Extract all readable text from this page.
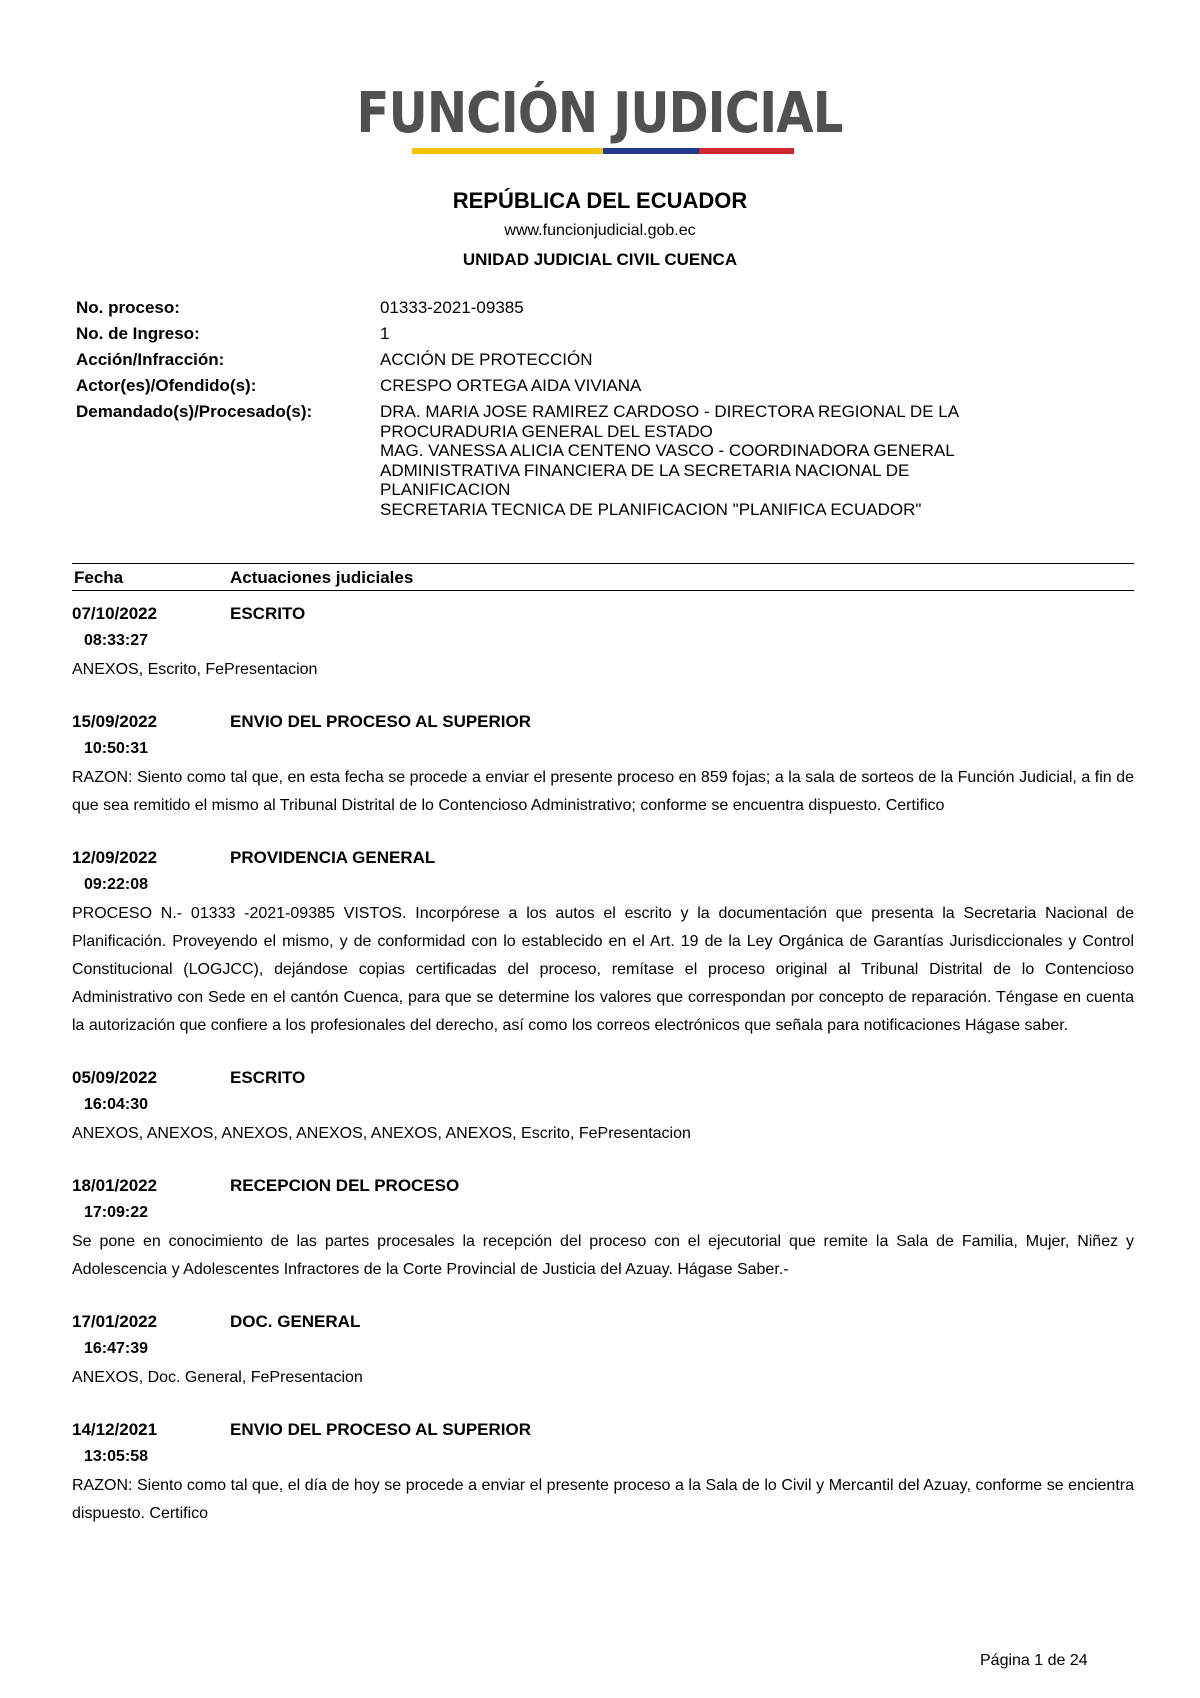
FUNCIÓN JUDICIAL
REPÚBLICA DEL ECUADOR
www.funcionjudicial.gob.ec
UNIDAD JUDICIAL CIVIL CUENCA
No. proceso:	01333-2021-09385
No. de Ingreso:	1
Acción/Infracción:	ACCIÓN DE PROTECCIÓN
Actor(es)/Ofendido(s):	CRESPO ORTEGA AIDA VIVIANA
Demandado(s)/Procesado(s):	DRA. MARIA JOSE RAMIREZ CARDOSO - DIRECTORA REGIONAL DE LA
PROCURADURIA GENERAL DEL ESTADO
MAG. VANESSA ALICIA CENTENO VASCO - COORDINADORA GENERAL
ADMINISTRATIVA FINANCIERA DE LA SECRETARIA NACIONAL DE
PLANIFICACION
SECRETARIA TECNICA DE PLANIFICACION "PLANIFICA ECUADOR"
Fecha	Actuaciones judiciales
07/10/2022	ESCRITO
08:33:27
ANEXOS, Escrito, FePresentacion
15/09/2022	ENVIO DEL PROCESO AL SUPERIOR
10:50:31
RAZON: Siento como tal que, en esta fecha se procede a enviar el presente proceso en 859 fojas; a la sala de sorteos de la Función Judicial, a fin de que sea remitido el mismo al Tribunal Distrital de lo Contencioso Administrativo; conforme se encuentra dispuesto. Certifico
12/09/2022	PROVIDENCIA GENERAL
09:22:08
PROCESO N.- 01333 -2021-09385 VISTOS. Incorpórese a los autos el escrito y la documentación que presenta la Secretaria Nacional de Planificación. Proveyendo el mismo, y de conformidad con lo establecido en el Art. 19 de la Ley Orgánica de Garantías Jurisdiccionales y Control Constitucional (LOGJCC), dejándose copias certificadas del proceso, remítase el proceso original al Tribunal Distrital de lo Contencioso Administrativo con Sede en el cantón Cuenca, para que se determine los valores que correspondan por concepto de reparación. Téngase en cuenta la autorización que confiere a los profesionales del derecho, así como los correos electrónicos que señala para notificaciones Hágase saber.
05/09/2022	ESCRITO
16:04:30
ANEXOS, ANEXOS, ANEXOS, ANEXOS, ANEXOS, ANEXOS, Escrito, FePresentacion
18/01/2022	RECEPCION DEL PROCESO
17:09:22
Se pone en conocimiento de las partes procesales la recepción del proceso con el ejecutorial que remite la Sala de Familia, Mujer, Niñez y Adolescencia y Adolescentes Infractores de la Corte Provincial de Justicia del Azuay. Hágase Saber.-
17/01/2022	DOC. GENERAL
16:47:39
ANEXOS, Doc. General, FePresentacion
14/12/2021	ENVIO DEL PROCESO AL SUPERIOR
13:05:58
RAZON: Siento como tal que, el día de hoy se procede a enviar el presente proceso a la Sala de lo Civil y Mercantil del Azuay, conforme se encientra dispuesto. Certifico
Página 1 de 24
